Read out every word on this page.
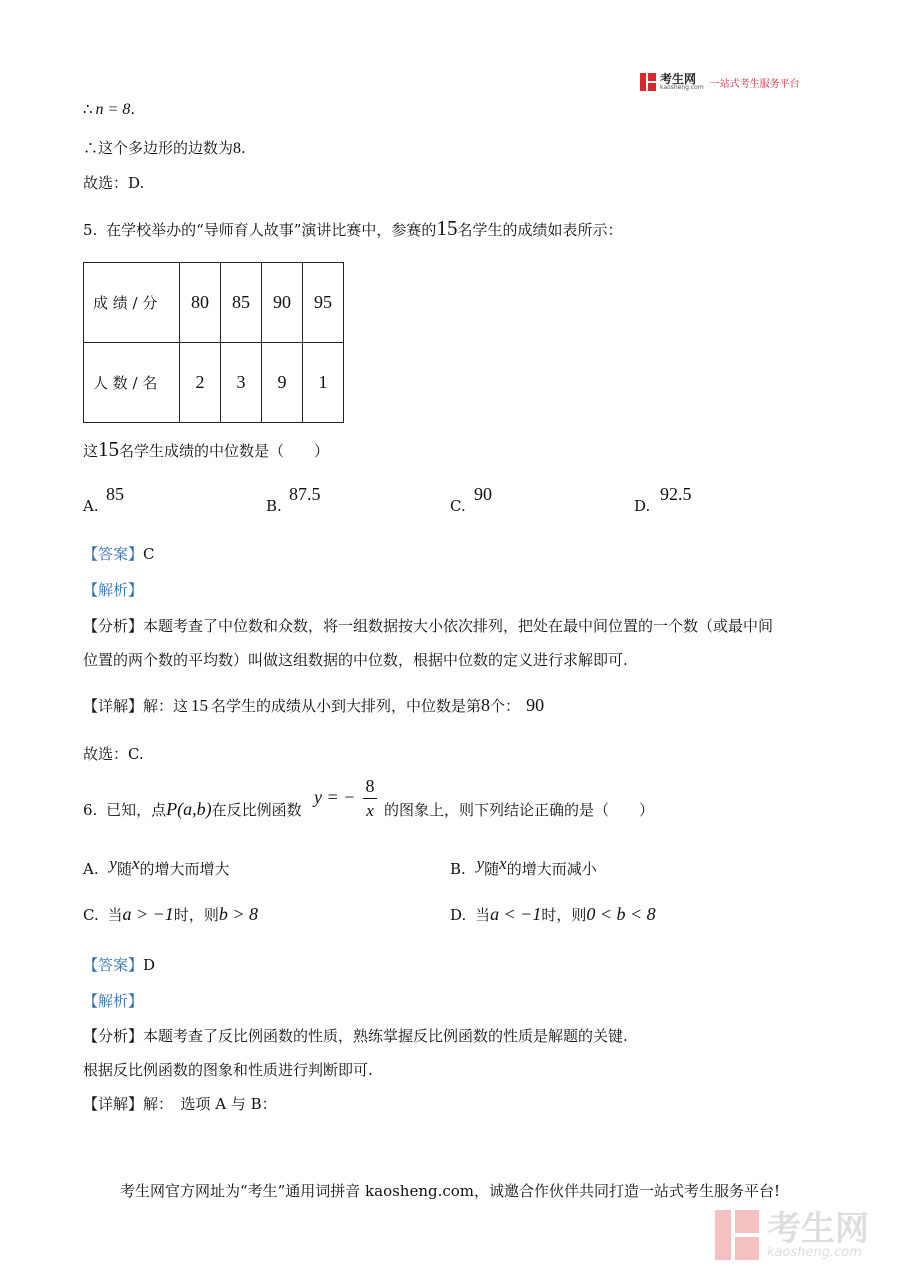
考生网
kaosheng.com 一站式考生服务平台
∴ n = 8.
∴这个多边形的边数为8.
故选：D.
5. 在学校举办的“导师育人故事”演讲比赛中，参赛的15名学生的成绩如表所示：
成 绩 / 分	80	85	90	95
人 数 / 名	2	3	9	1
这15名学生成绩的中位数是（　　）
A.
85
B.
87.5
C.
90
D.
92.5
【答案】C
【解析】
【分析】本题考查了中位数和众数，将一组数据按大小依次排列，把处在最中间位置的一个数（或最中间
位置的两个数的平均数）叫做这组数据的中位数，根据中位数的定义进行求解即可.
【详解】解：这 15 名学生的成绩从小到大排列，中位数是第8个： 90
故选：C.
6. 已知，点P(a,b)在反比例函数
y = −
8
x 的图象上，则下列结论正确的是（　　）
A. y随x的增大而增大	B. y随x的增大而减小
C. 当a > −1时，则b > 8	D. 当a < −1时，则0 < b < 8
【答案】D
【解析】
【分析】本题考查了反比例函数的性质，熟练掌握反比例函数的性质是解题的关键.
根据反比例函数的图象和性质进行判断即可.
【详解】解：　选项 A 与 B：
考生网官方网址为“考生”通用词拼音 kaosheng.com，诚邀合作伙伴共同打造一站式考生服务平台!
考生网
kaosheng.com
